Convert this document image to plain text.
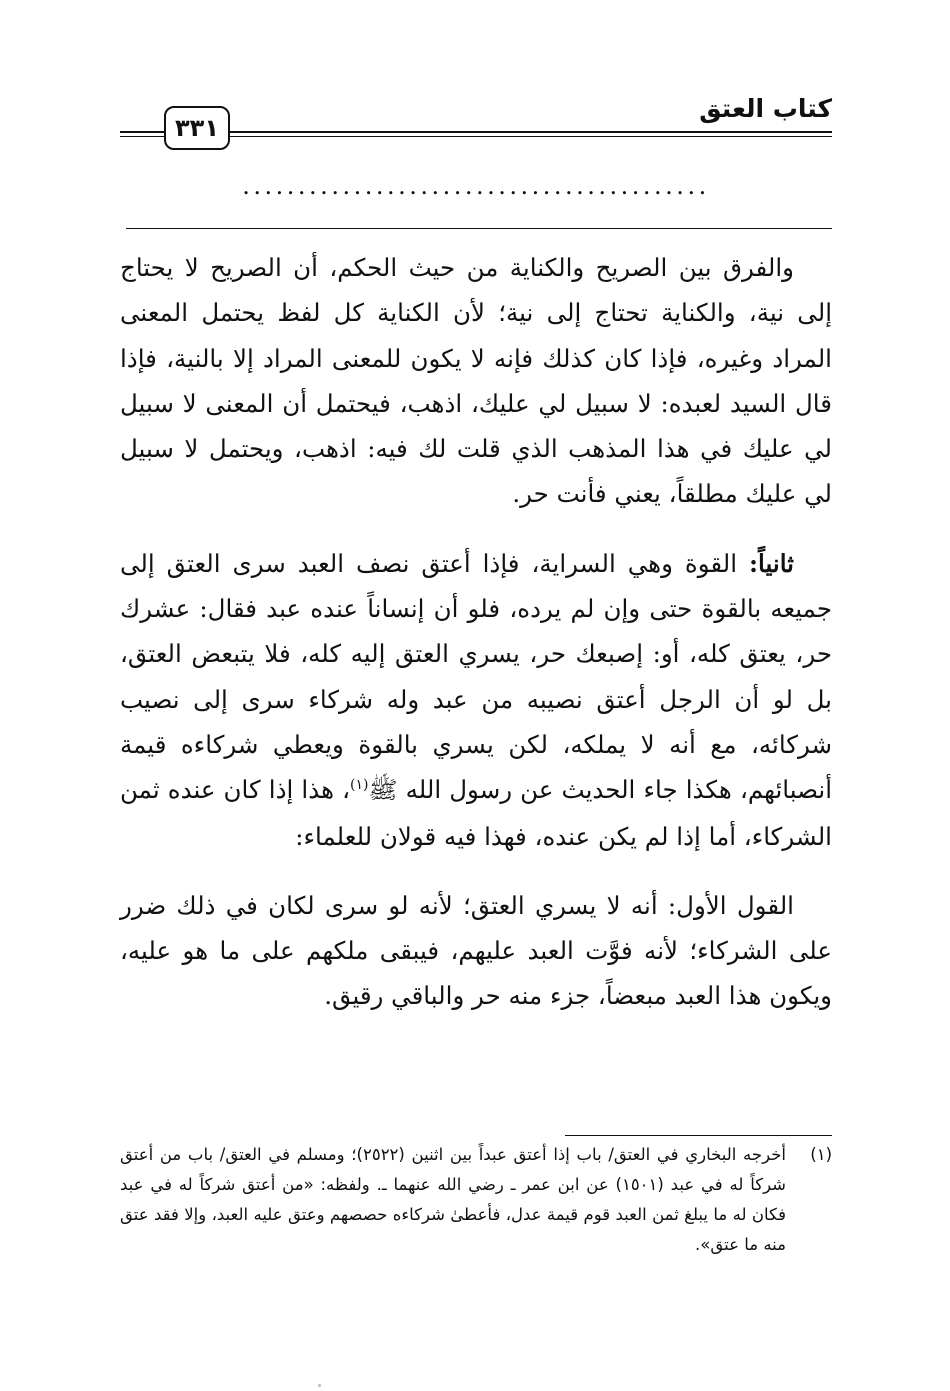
كتاب العتق
٣٣١
..........................................

والفرق بين الصريح والكناية من حيث الحكم، أن الصريح لا يحتاج إلى نية، والكناية تحتاج إلى نية؛ لأن الكناية كل لفظ يحتمل المعنى المراد وغيره، فإذا كان كذلك فإنه لا يكون للمعنى المراد إلا بالنية، فإذا قال السيد لعبده: لا سبيل لي عليك، اذهب، فيحتمل أن المعنى لا سبيل لي عليك في هذا المذهب الذي قلت لك فيه: اذهب، ويحتمل لا سبيل لي عليك مطلقاً، يعني فأنت حر.

ثانياً: القوة وهي السراية، فإذا أعتق نصف العبد سرى العتق إلى جميعه بالقوة حتى وإن لم يرده، فلو أن إنساناً عنده عبد فقال: عشرك حر، يعتق كله، أو: إصبعك حر، يسري العتق إليه كله، فلا يتبعض العتق، بل لو أن الرجل أعتق نصيبه من عبد وله شركاء سرى إلى نصيب شركائه، مع أنه لا يملكه، لكن يسري بالقوة ويعطي شركاءه قيمة أنصبائهم، هكذا جاء الحديث عن رسول الله ﷺ$^{(١)}$، هذا إذا كان عنده ثمن الشركاء، أما إذا لم يكن عنده، فهذا فيه قولان للعلماء:

القول الأول: أنه لا يسري العتق؛ لأنه لو سرى لكان في ذلك ضرر على الشركاء؛ لأنه فوَّت العبد عليهم، فيبقى ملكهم على ما هو عليه، ويكون هذا العبد مبعضاً، جزء منه حر والباقي رقيق.

(١)
أخرجه البخاري في العتق/ باب إذا أعتق عبداً بين اثنين (٢٥٢٢)؛ ومسلم في العتق/ باب من أعتق شركاً له في عبد (١٥٠١) عن ابن عمر ـ رضي الله عنهما ـ. ولفظه: «من أعتق شركاً له في عبد فكان له ما يبلغ ثمن العبد قوم قيمة عدل، فأعطىٰ شركاءه حصصهم وعتق عليه العبد، وإلا فقد عتق منه ما عتق».
